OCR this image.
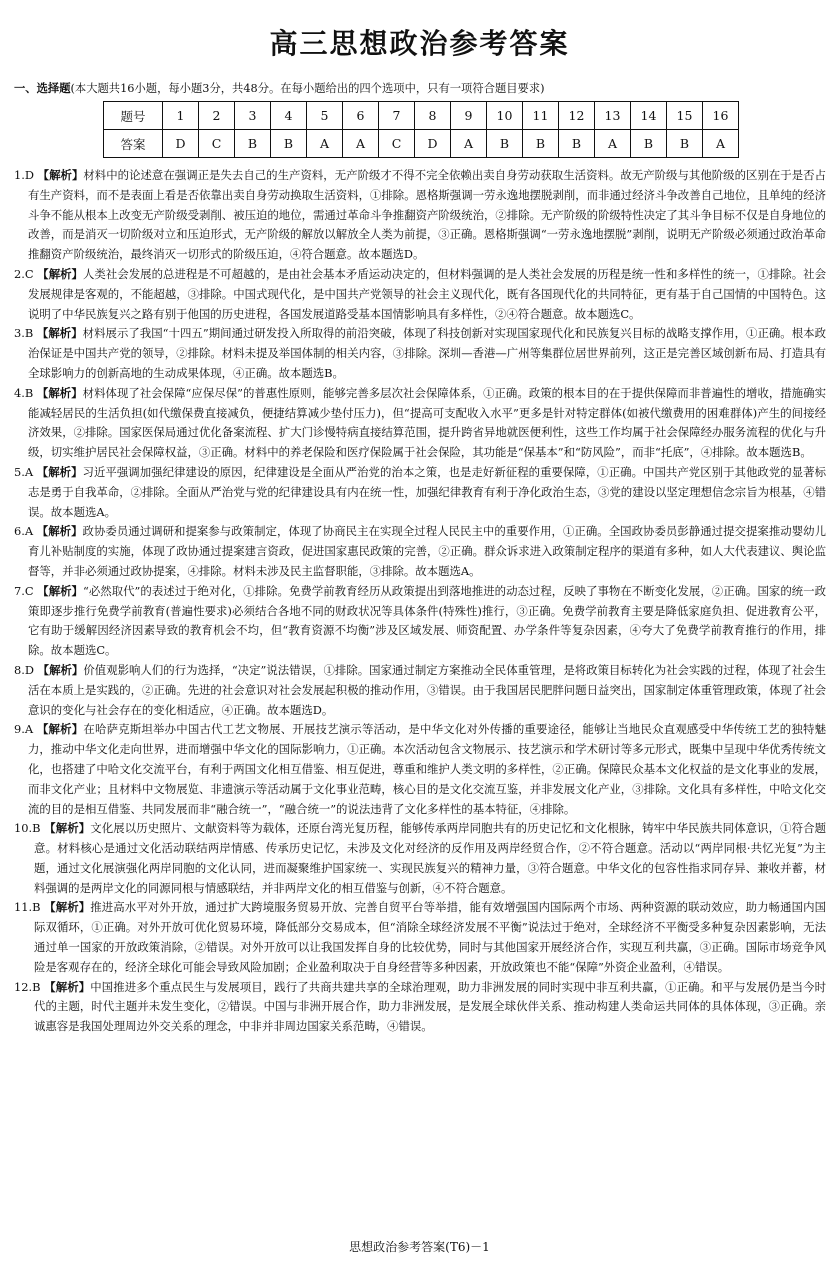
高三思想政治参考答案
一、选择题(本大题共16小题，每小题3分，共48分。在每小题给出的四个选项中，只有一项符合题目要求)
题号	1	2	3	4	5	6	7	8	9	10	11	12	13	14	15	16
答案	D	C	B	B	A	A	C	D	A	B	B	B	A	B	B	A

1.D 【解析】材料中的论述意在强调正是失去自己的生产资料，无产阶级才不得不完全依赖出卖自身劳动获取生活资料。故无产阶级与其他阶级的区别在于是否占有生产资料，而不是表面上看是否依靠出卖自身劳动换取生活资料，①排除。恩格斯强调一劳永逸地摆脱剥削，而非通过经济斗争改善自己地位，且单纯的经济斗争不能从根本上改变无产阶级受剥削、被压迫的地位，需通过革命斗争推翻资产阶级统治，②排除。无产阶级的阶级特性决定了其斗争目标不仅是自身地位的改善，而是消灭一切阶级对立和压迫形式，无产阶级的解放以解放全人类为前提，③正确。恩格斯强调“一劳永逸地摆脱”剥削，说明无产阶级必须通过政治革命推翻资产阶级统治，最终消灭一切形式的阶级压迫，④符合题意。故本题选D。

2.C 【解析】人类社会发展的总进程是不可超越的，是由社会基本矛盾运动决定的，但材料强调的是人类社会发展的历程是统一性和多样性的统一，①排除。社会发展规律是客观的，不能超越，③排除。中国式现代化，是中国共产党领导的社会主义现代化，既有各国现代化的共同特征，更有基于自己国情的中国特色。这说明了中华民族复兴之路有别于他国的历史进程，各国发展道路受基本国情影响具有多样性，②④符合题意。故本题选C。

3.B 【解析】材料展示了我国“十四五”期间通过研发投入所取得的前沿突破，体现了科技创新对实现国家现代化和民族复兴目标的战略支撑作用，①正确。根本政治保证是中国共产党的领导，②排除。材料未提及举国体制的相关内容，③排除。深圳—香港—广州等集群位居世界前列，这正是完善区域创新布局、打造具有全球影响力的创新高地的生动成果体现，④正确。故本题选B。

4.B 【解析】材料体现了社会保障“应保尽保”的普惠性原则，能够完善多层次社会保障体系，①正确。政策的根本目的在于提供保障而非普遍性的增收，措施确实能减轻居民的生活负担(如代缴保费直接减负，便捷结算减少垫付压力)，但“提高可支配收入水平”更多是针对特定群体(如被代缴费用的困难群体)产生的间接经济效果，②排除。国家医保局通过优化备案流程、扩大门诊慢特病直接结算范围，提升跨省异地就医便利性，这些工作均属于社会保障经办服务流程的优化与升级，切实维护居民社会保障权益，③正确。材料中的养老保险和医疗保险属于社会保险，其功能是“保基本”和“防风险”，而非“托底”，④排除。故本题选B。

5.A 【解析】习近平强调加强纪律建设的原因，纪律建设是全面从严治党的治本之策，也是走好新征程的重要保障，①正确。中国共产党区别于其他政党的显著标志是勇于自我革命，②排除。全面从严治党与党的纪律建设具有内在统一性，加强纪律教育有利于净化政治生态，③党的建设以坚定理想信念宗旨为根基，④错误。故本题选A。

6.A 【解析】政协委员通过调研和提案参与政策制定，体现了协商民主在实现全过程人民民主中的重要作用，①正确。全国政协委员彭静通过提交提案推动婴幼儿育儿补贴制度的实施，体现了政协通过提案建言资政，促进国家惠民政策的完善，②正确。群众诉求进入政策制定程序的渠道有多种，如人大代表建议、舆论监督等，并非必须通过政协提案，④排除。材料未涉及民主监督职能，③排除。故本题选A。

7.C 【解析】“必然取代”的表述过于绝对化，①排除。免费学前教育经历从政策提出到落地推进的动态过程，反映了事物在不断变化发展，②正确。国家的统一政策即逐步推行免费学前教育(普遍性要求)必须结合各地不同的财政状况等具体条件(特殊性)推行，③正确。免费学前教育主要是降低家庭负担、促进教育公平，它有助于缓解因经济因素导致的教育机会不均，但“教育资源不均衡”涉及区域发展、师资配置、办学条件等复杂因素，④夸大了免费学前教育推行的作用，排除。故本题选C。

8.D 【解析】价值观影响人们的行为选择，“决定”说法错误，①排除。国家通过制定方案推动全民体重管理，是将政策目标转化为社会实践的过程，体现了社会生活在本质上是实践的，②正确。先进的社会意识对社会发展起积极的推动作用，③错误。由于我国居民肥胖问题日益突出，国家制定体重管理政策，体现了社会意识的变化与社会存在的变化相适应，④正确。故本题选D。

9.A 【解析】在哈萨克斯坦举办中国古代工艺文物展、开展技艺演示等活动，是中华文化对外传播的重要途径，能够让当地民众直观感受中华传统工艺的独特魅力，推动中华文化走向世界，进而增强中华文化的国际影响力，①正确。本次活动包含文物展示、技艺演示和学术研讨等多元形式，既集中呈现中华优秀传统文化，也搭建了中哈文化交流平台，有利于两国文化相互借鉴、相互促进，尊重和维护人类文明的多样性，②正确。保障民众基本文化权益的是文化事业的发展，而非文化产业；且材料中文物展览、非遗演示等活动属于文化事业范畴，核心目的是文化交流互鉴，并非发展文化产业，③排除。文化具有多样性，中哈文化交流的目的是相互借鉴、共同发展而非“融合统一”，“融合统一”的说法违背了文化多样性的基本特征，④排除。

10.B 【解析】文化展以历史照片、文献资料等为载体，还原台湾光复历程，能够传承两岸同胞共有的历史记忆和文化根脉，铸牢中华民族共同体意识，①符合题意。材料核心是通过文化活动联结两岸情感、传承历史记忆，未涉及文化对经济的反作用及两岸经贸合作，②不符合题意。活动以“两岸同根·共忆光复”为主题，通过文化展演强化两岸同胞的文化认同，进而凝聚维护国家统一、实现民族复兴的精神力量，③符合题意。中华文化的包容性指求同存异、兼收并蓄，材料强调的是两岸文化的同源同根与情感联结，并非两岸文化的相互借鉴与创新，④不符合题意。

11.B 【解析】推进高水平对外开放，通过扩大跨境服务贸易开放、完善自贸平台等举措，能有效增强国内国际两个市场、两种资源的联动效应，助力畅通国内国际双循环，①正确。对外开放可优化贸易环境，降低部分交易成本，但“消除全球经济发展不平衡”说法过于绝对，全球经济不平衡受多种复杂因素影响，无法通过单一国家的开放政策消除，②错误。对外开放可以让我国发挥自身的比较优势，同时与其他国家开展经济合作，实现互利共赢，③正确。国际市场竞争风险是客观存在的，经济全球化可能会导致风险加剧；企业盈利取决于自身经营等多种因素，开放政策也不能“保障”外资企业盈利，④错误。

12.B 【解析】中国推进多个重点民生与发展项目，践行了共商共建共享的全球治理观，助力非洲发展的同时实现中非互利共赢，①正确。和平与发展仍是当今时代的主题，时代主题并未发生变化，②错误。中国与非洲开展合作，助力非洲发展，是发展全球伙伴关系、推动构建人类命运共同体的具体体现，③正确。亲诚惠容是我国处理周边外交关系的理念，中非并非周边国家关系范畴，④错误。

思想政治参考答案(T6)－1
